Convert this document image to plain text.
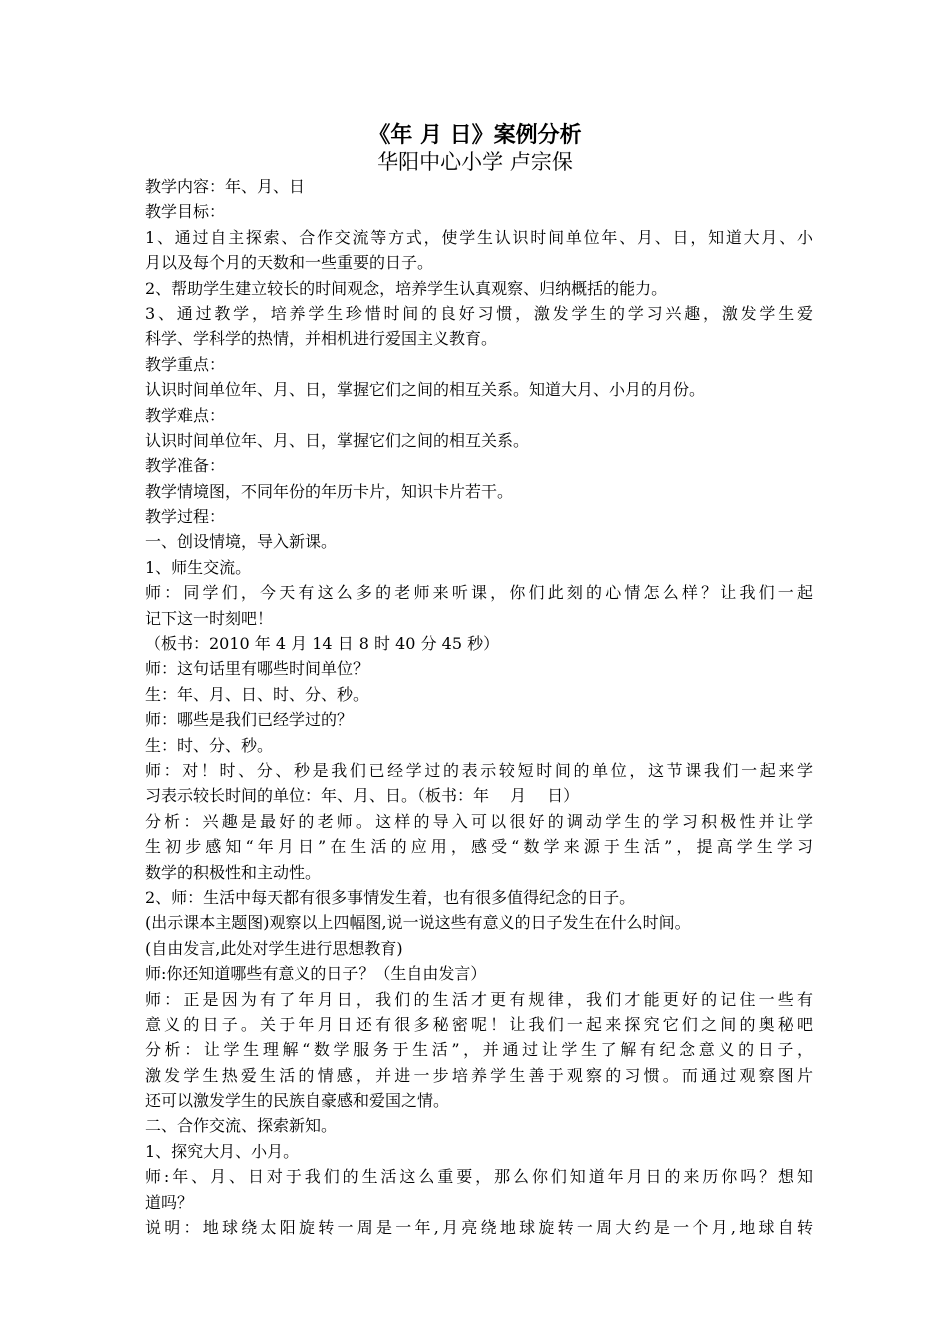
《年 月 日》案例分析
华阳中心小学 卢宗保
教学内容：年、月、日
教学目标：
1、通过自主探索、合作交流等方式，使学生认识时间单位年、月、日，知道大月、小
月以及每个月的天数和一些重要的日子。
2、帮助学生建立较长的时间观念，培养学生认真观察、归纳概括的能力。
3、通过教学，培养学生珍惜时间的良好习惯，激发学生的学习兴趣，激发学生爱
科学、学科学的热情，并相机进行爱国主义教育。
教学重点：
认识时间单位年、月、日，掌握它们之间的相互关系。知道大月、小月的月份。
教学难点：
认识时间单位年、月、日，掌握它们之间的相互关系。
教学准备：
教学情境图，不同年份的年历卡片，知识卡片若干。
教学过程：
一、创设情境，导入新课。
1、师生交流。
师：同学们，今天有这么多的老师来听课，你们此刻的心情怎么样？让我们一起
记下这一时刻吧！
（板书：2010 年 4 月 14 日 8 时 40 分 45 秒）
师：这句话里有哪些时间单位？
生：年、月、日、时、分、秒。
师：哪些是我们已经学过的？
生：时、分、秒。
师：对！时、分、秒是我们已经学过的表示较短时间的单位，这节课我们一起来学
习表示较长时间的单位：年、月、日。（板书：年　 月　 日）
分析：兴趣是最好的老师。这样的导入可以很好的调动学生的学习积极性并让学
生初步感知“年月日”在生活的应用，感受“数学来源于生活”，提高学生学习
数学的积极性和主动性。
2、师：生活中每天都有很多事情发生着，也有很多值得纪念的日子。
(出示课本主题图)观察以上四幅图,说一说这些有意义的日子发生在什么时间。
(自由发言,此处对学生进行思想教育)
师:你还知道哪些有意义的日子？（生自由发言）
师：正是因为有了年月日，我们的生活才更有规律，我们才能更好的记住一些有
意义的日子。关于年月日还有很多秘密呢！让我们一起来探究它们之间的奥秘吧
分析：让学生理解“数学服务于生活”，并通过让学生了解有纪念意义的日子，
激发学生热爱生活的情感，并进一步培养学生善于观察的习惯。而通过观察图片
还可以激发学生的民族自豪感和爱国之情。
二、合作交流、探索新知。
1、探究大月、小月。
师:年、月、日对于我们的生活这么重要，那么你们知道年月日的来历你吗？想知
道吗？
说明：地球绕太阳旋转一周是一年,月亮绕地球旋转一周大约是一个月,地球自转
